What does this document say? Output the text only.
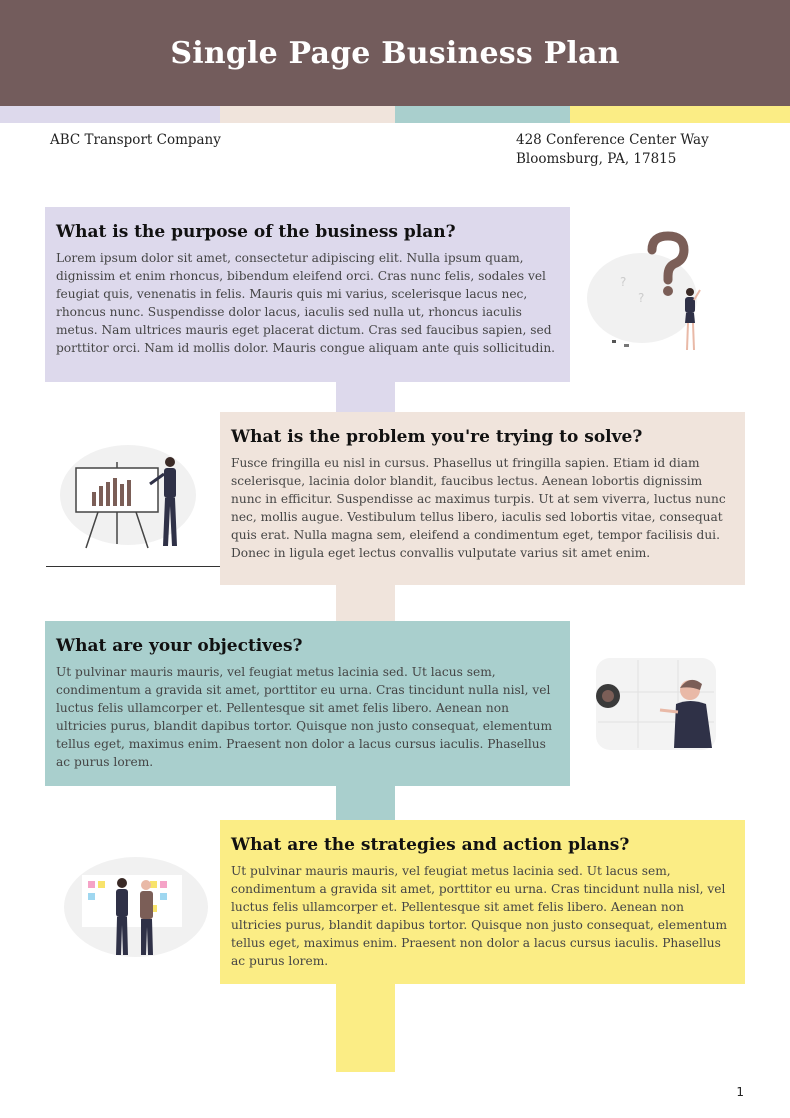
Single Page Business Plan
ABC Transport Company	428 Conference Center Way
Bloomsburg, PA, 17815
What is the purpose of the business plan?

Lorem ipsum dolor sit amet, consectetur adipiscing elit. Nulla ipsum quam, dignissim et enim rhoncus, bibendum eleifend orci. Cras nunc felis, sodales vel feugiat quis, venenatis in felis. Mauris quis mi varius, scelerisque lacus nec, rhoncus nunc. Suspendisse dolor lacus, iaculis sed nulla ut, rhoncus iaculis metus. Nam ultrices mauris eget placerat dictum. Cras sed faucibus sapien, sed porttitor orci. Nam id mollis dolor. Mauris congue aliquam ante quis sollicitudin.

?
?
What is the problem you're trying to solve?

Fusce fringilla eu nisl in cursus. Phasellus ut fringilla sapien. Etiam id diam scelerisque, lacinia dolor blandit, faucibus lectus. Aenean lobortis dignissim nunc in efficitur. Suspendisse ac maximus turpis. Ut at sem viverra, luctus nunc nec, mollis augue. Vestibulum tellus libero, iaculis sed lobortis vitae, consequat quis erat. Nulla magna sem, eleifend a condimentum eget, tempor facilisis dui. Donec in ligula eget lectus convallis vulputate varius sit amet enim.

What are your objectives?

Ut pulvinar mauris mauris, vel feugiat metus lacinia sed. Ut lacus sem, condimentum a gravida sit amet, porttitor eu urna. Cras tincidunt nulla nisl, vel luctus felis ullamcorper et. Pellentesque sit amet felis libero. Aenean non ultricies purus, blandit dapibus tortor. Quisque non justo consequat, elementum tellus eget, maximus enim. Praesent non dolor a lacus cursus iaculis. Phasellus ac purus lorem.

What are the strategies and action plans?

Ut pulvinar mauris mauris, vel feugiat metus lacinia sed. Ut lacus sem, condimentum a gravida sit amet, porttitor eu urna. Cras tincidunt nulla nisl, vel luctus felis ullamcorper et. Pellentesque sit amet felis libero. Aenean non ultricies purus, blandit dapibus tortor. Quisque non justo consequat, elementum tellus eget, maximus enim. Praesent non dolor a lacus cursus iaculis. Phasellus ac purus lorem.

1
